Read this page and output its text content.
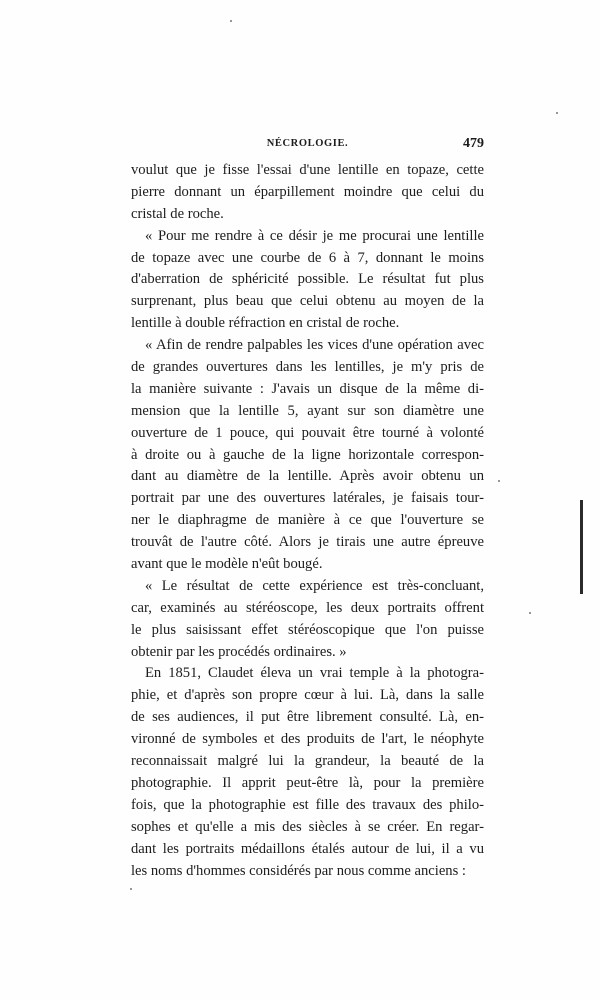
NÉCROLOGIE.	479
voulut que je fisse l'essai d'une lentille en topaze, cette
pierre donnant un éparpillement moindre que celui du
cristal de roche.
« Pour me rendre à ce désir je me procurai une lentille
de topaze avec une courbe de 6 à 7, donnant le moins
d'aberration de sphéricité possible. Le résultat fut plus
surprenant, plus beau que celui obtenu au moyen de la
lentille à double réfraction en cristal de roche.
« Afin de rendre palpables les vices d'une opération avec
de grandes ouvertures dans les lentilles, je m'y pris de
la manière suivante : J'avais un disque de la même di-
mension que la lentille 5, ayant sur son diamètre une
ouverture de 1 pouce, qui pouvait être tourné à volonté
à droite ou à gauche de la ligne horizontale correspon-
dant au diamètre de la lentille. Après avoir obtenu un
portrait par une des ouvertures latérales, je faisais tour-
ner le diaphragme de manière à ce que l'ouverture se
trouvât de l'autre côté. Alors je tirais une autre épreuve
avant que le modèle n'eût bougé.
« Le résultat de cette expérience est très-concluant,
car, examinés au stéréoscope, les deux portraits offrent
le plus saisissant effet stéréoscopique que l'on puisse
obtenir par les procédés ordinaires. »
En 1851, Claudet éleva un vrai temple à la photogra-
phie, et d'après son propre cœur à lui. Là, dans la salle
de ses audiences, il put être librement consulté. Là, en-
vironné de symboles et des produits de l'art, le néophyte
reconnaissait malgré lui la grandeur, la beauté de la
photographie. Il apprit peut-être là, pour la première
fois, que la photographie est fille des travaux des philo-
sophes et qu'elle a mis des siècles à se créer. En regar-
dant les portraits médaillons étalés autour de lui, il a vu
les noms d'hommes considérés par nous comme anciens :
